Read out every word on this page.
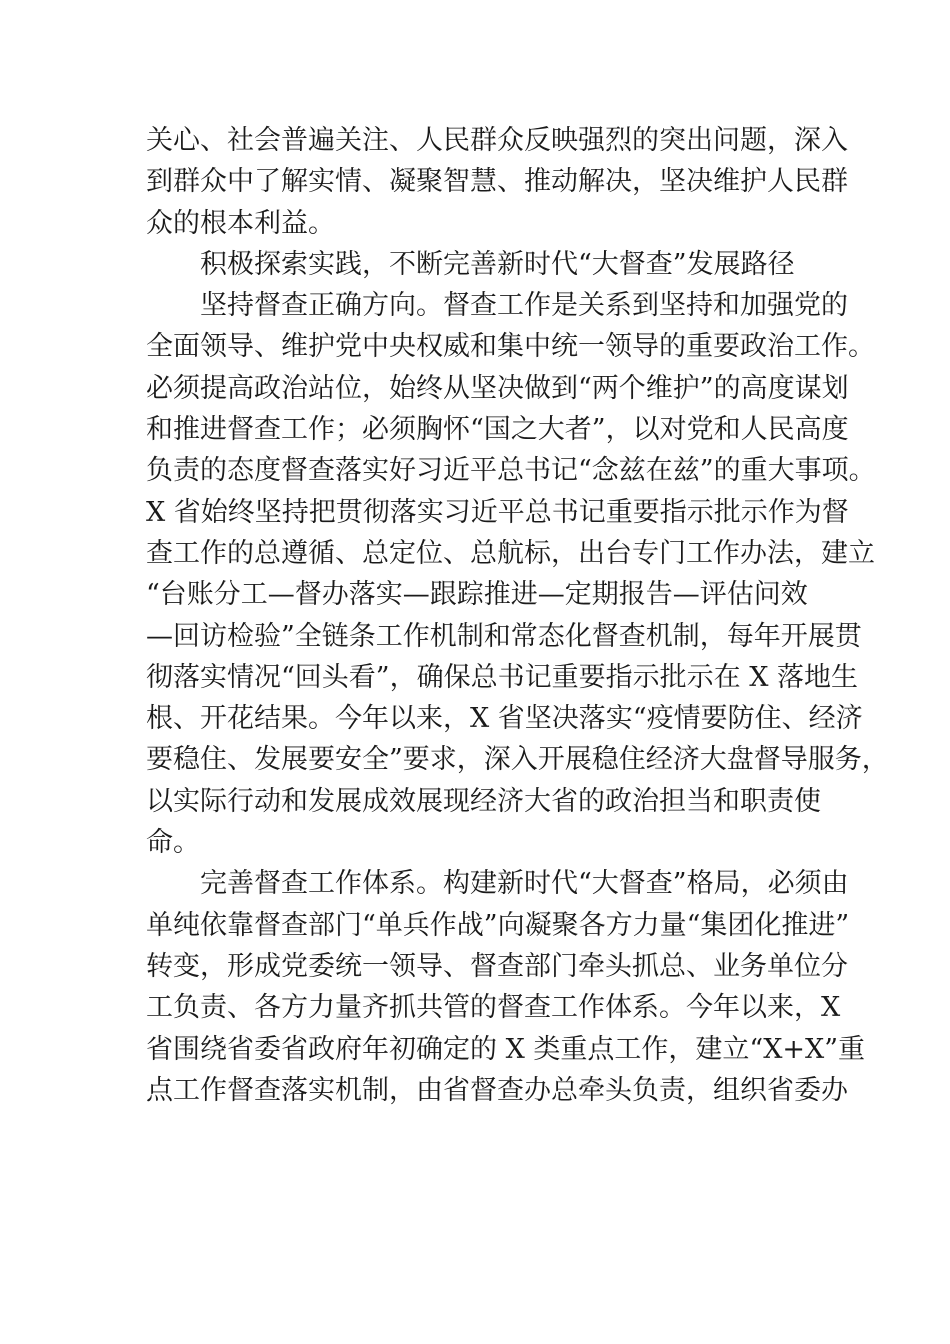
关心、社会普遍关注、人民群众反映强烈的突出问题，深入
到群众中了解实情、凝聚智慧、推动解决，坚决维护人民群
众的根本利益。
积极探索实践，不断完善新时代“大督查”发展路径
坚持督查正确方向。督查工作是关系到坚持和加强党的
全面领导、维护党中央权威和集中统一领导的重要政治工作。
必须提高政治站位，始终从坚决做到“两个维护”的高度谋划
和推进督查工作；必须胸怀“国之大者”，以对党和人民高度
负责的态度督查落实好习近平总书记“念兹在兹”的重大事项。
X 省始终坚持把贯彻落实习近平总书记重要指示批示作为督
查工作的总遵循、总定位、总航标，出台专门工作办法，建立
“台账分工—督办落实—跟踪推进—定期报告—评估问效
—回访检验”全链条工作机制和常态化督查机制，每年开展贯
彻落实情况“回头看”，确保总书记重要指示批示在 X 落地生
根、开花结果。今年以来，X 省坚决落实“疫情要防住、经济
要稳住、发展要安全”要求，深入开展稳住经济大盘督导服务，
以实际行动和发展成效展现经济大省的政治担当和职责使
命。
完善督查工作体系。构建新时代“大督查”格局，必须由
单纯依靠督查部门“单兵作战”向凝聚各方力量“集团化推进”
转变，形成党委统一领导、督查部门牵头抓总、业务单位分
工负责、各方力量齐抓共管的督查工作体系。今年以来，X
省围绕省委省政府年初确定的 X 类重点工作，建立“X+X”重
点工作督查落实机制，由省督查办总牵头负责，组织省委办
